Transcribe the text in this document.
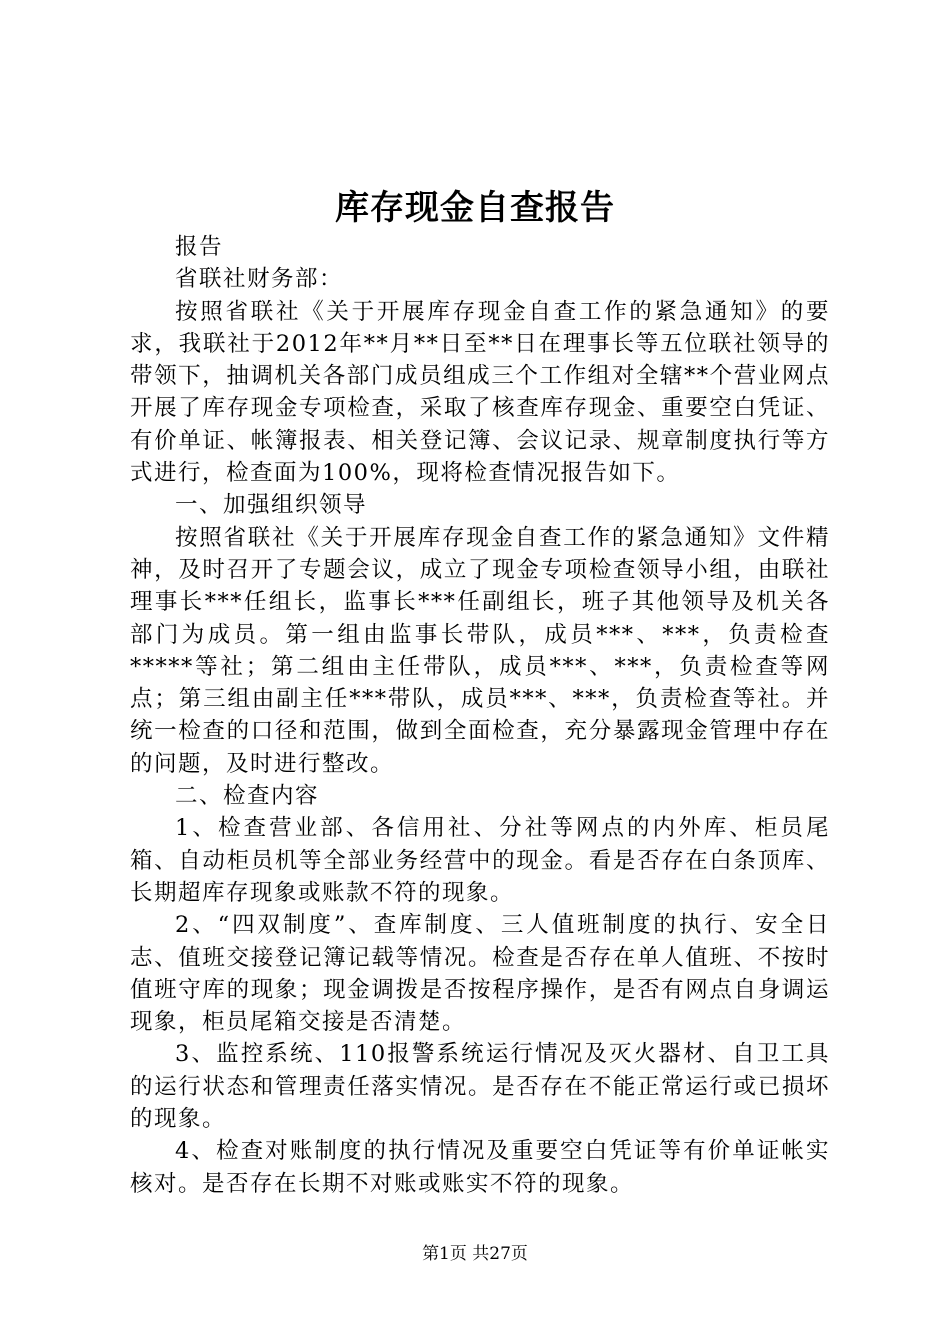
库存现金自查报告

报告

省联社财务部：

按照省联社《关于开展库存现金自查工作的紧急通知》的要求，我联社于2012年**月**日至**日在理事长等五位联社领导的带领下，抽调机关各部门成员组成三个工作组对全辖**个营业网点开展了库存现金专项检查，采取了核查库存现金、重要空白凭证、有价单证、帐簿报表、相关登记簿、会议记录、规章制度执行等方式进行，检查面为100%，现将检查情况报告如下。

一、加强组织领导

按照省联社《关于开展库存现金自查工作的紧急通知》文件精神，及时召开了专题会议，成立了现金专项检查领导小组，由联社理事长***任组长，监事长***任副组长，班子其他领导及机关各部门为成员。第一组由监事长带队，成员***、***，负责检查*****等社；第二组由主任带队，成员***、***，负责检查等网点；第三组由副主任***带队，成员***、***，负责检查等社。并统一检查的口径和范围，做到全面检查，充分暴露现金管理中存在的问题，及时进行整改。

二、检查内容

1、检查营业部、各信用社、分社等网点的内外库、柜员尾箱、自动柜员机等全部业务经营中的现金。看是否存在白条顶库、长期超库存现象或账款不符的现象。

2、“四双制度”、查库制度、三人值班制度的执行、安全日志、值班交接登记簿记载等情况。检查是否存在单人值班、不按时值班守库的现象；现金调拨是否按程序操作，是否有网点自身调运现象，柜员尾箱交接是否清楚。

3、监控系统、110报警系统运行情况及灭火器材、自卫工具的运行状态和管理责任落实情况。是否存在不能正常运行或已损坏的现象。

4、检查对账制度的执行情况及重要空白凭证等有价单证帐实核对。是否存在长期不对账或账实不符的现象。

第1页 共27页
